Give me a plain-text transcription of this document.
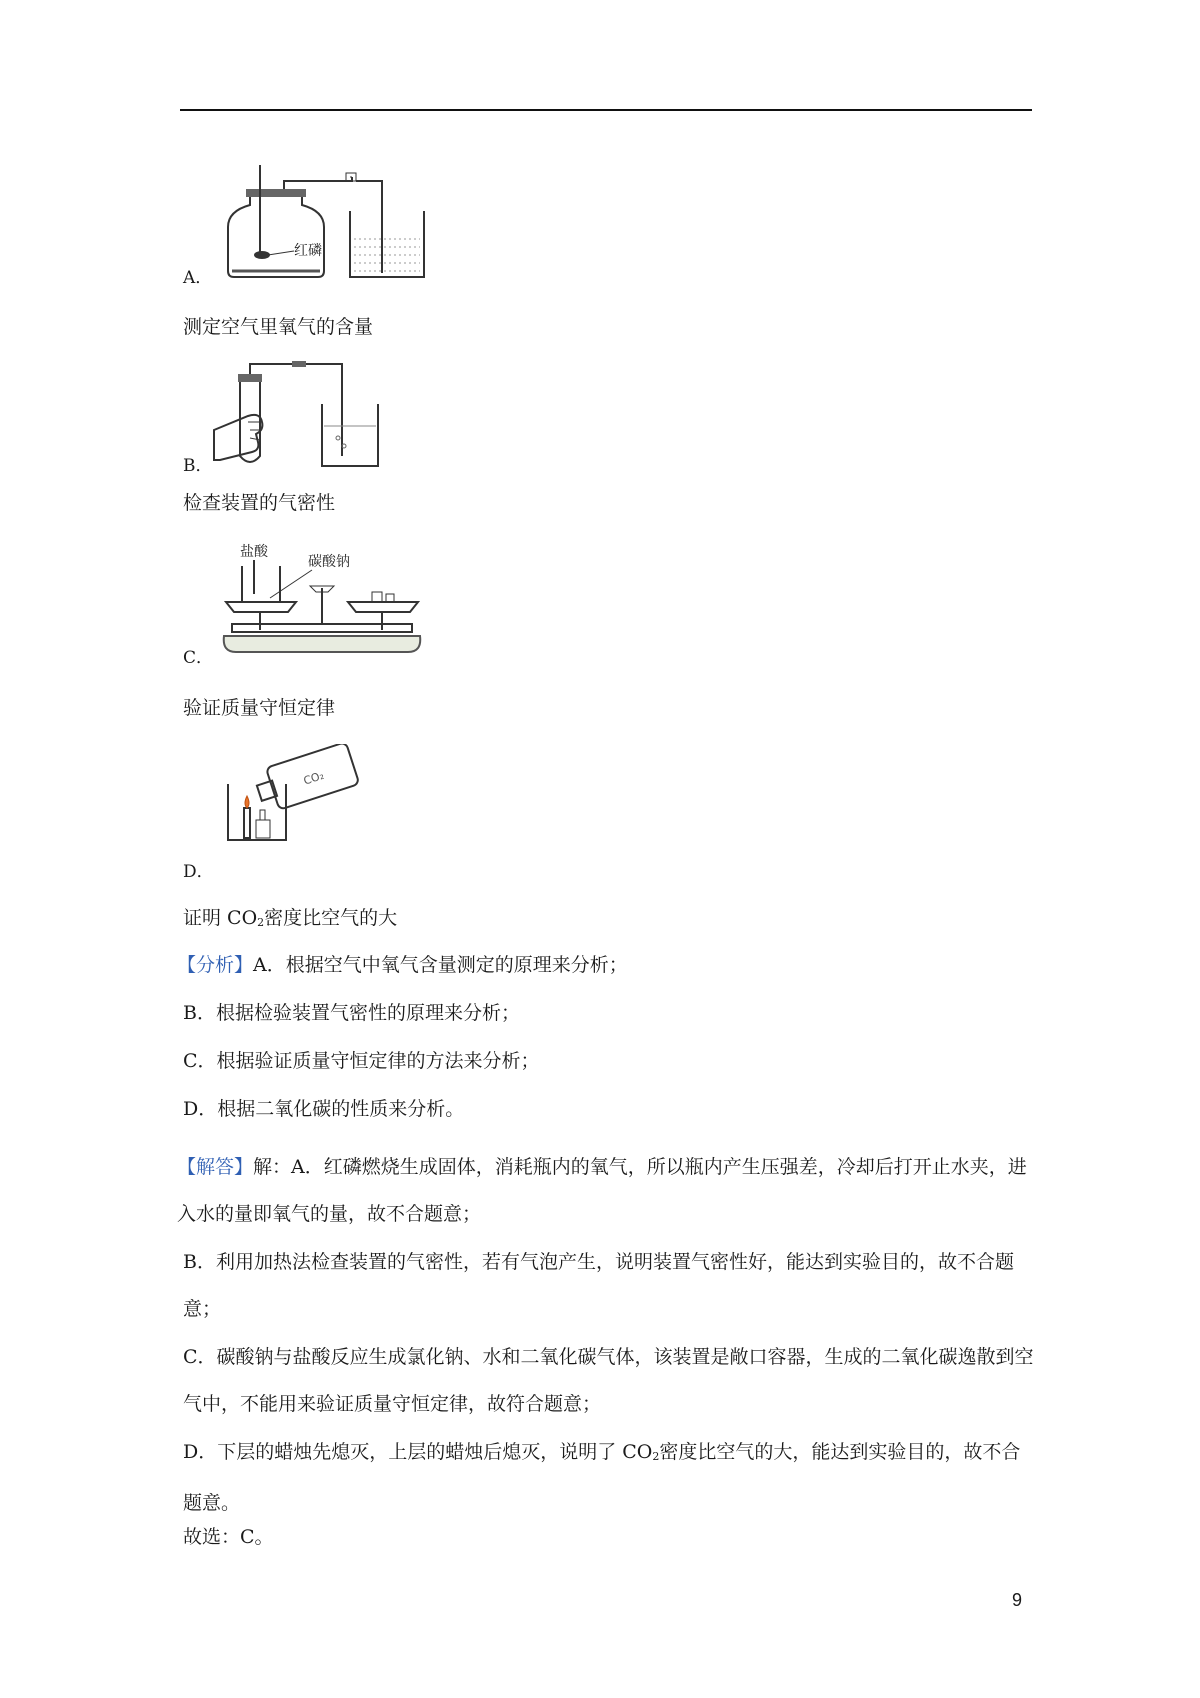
红磷
A．
测定空气里氧气的含量
B．
检查装置的气密性
盐酸
碳酸钠
C．
验证质量守恒定律
CO₂
D．
证明 CO2密度比空气的大
【分析】A．根据空气中氧气含量测定的原理来分析；
B．根据检验装置气密性的原理来分析；
C．根据验证质量守恒定律的方法来分析；
D．根据二氧化碳的性质来分析。
【解答】解：A．红磷燃烧生成固体，消耗瓶内的氧气，所以瓶内产生压强差，冷却后打开止水夹，进入水的量即氧气的量，故不合题意；
B．利用加热法检查装置的气密性，若有气泡产生，说明装置气密性好，能达到实验目的，故不合题意；
C．碳酸钠与盐酸反应生成氯化钠、水和二氧化碳气体，该装置是敞口容器，生成的二氧化碳逸散到空气中，不能用来验证质量守恒定律，故符合题意；
D．下层的蜡烛先熄灭，上层的蜡烛后熄灭，说明了 CO2密度比空气的大，能达到实验目的，故不合题意。
故选：C。
9
